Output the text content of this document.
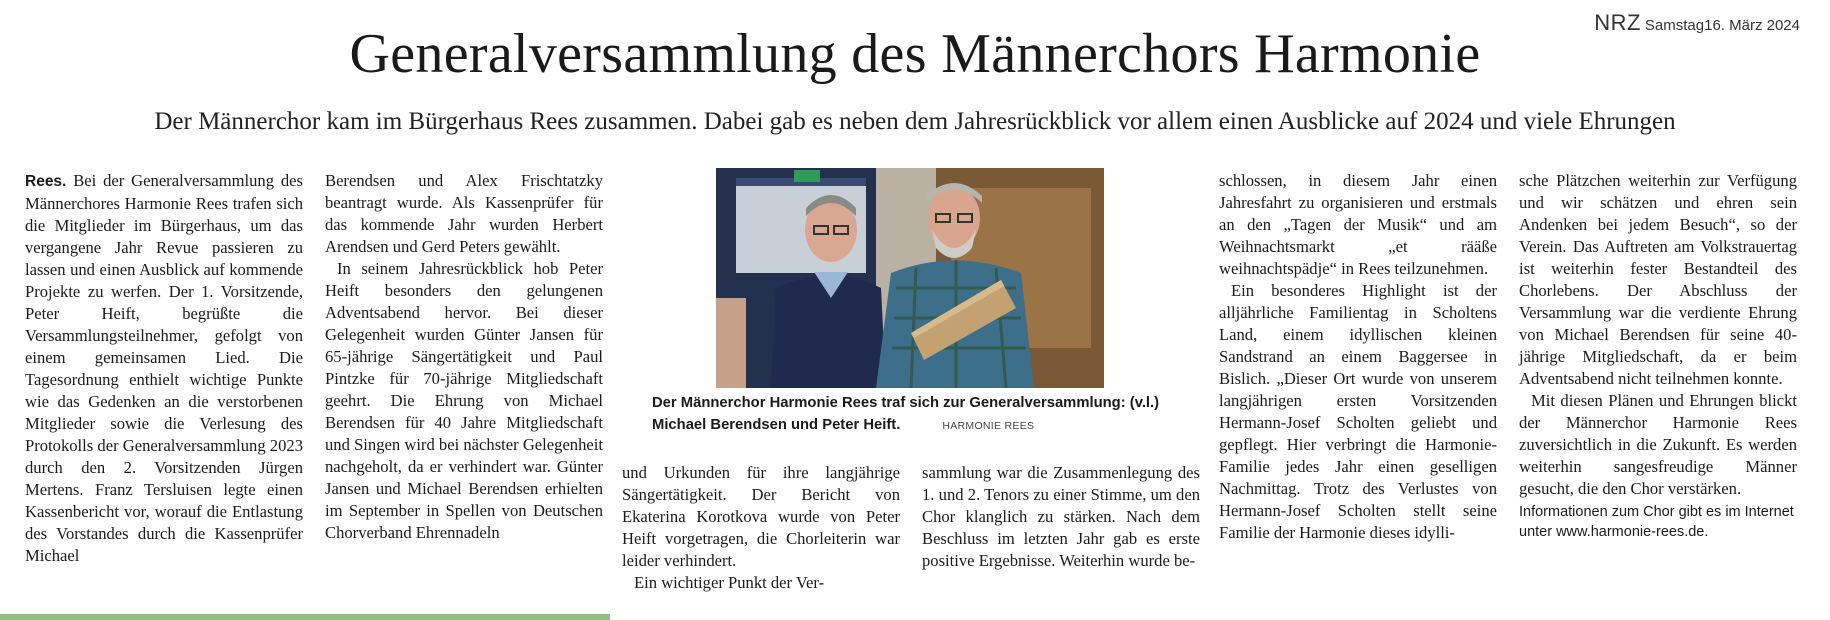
NRZ Samstag16. März 2024
Generalversammlung des Männerchors Harmonie
Der Männerchor kam im Bürgerhaus Rees zusammen. Dabei gab es neben dem Jahresrückblick vor allem einen Ausblicke auf 2024 und viele Ehrungen

Rees. Bei der Generalversammlung des Männerchores Harmonie Rees trafen sich die Mitglieder im Bürgerhaus, um das vergangene Jahr Revue passieren zu lassen und einen Ausblick auf kommende Projekte zu werfen. Der 1. Vorsitzende, Peter Heift, begrüßte die Versammlungsteilnehmer, gefolgt von einem gemeinsamen Lied. Die Tagesordnung enthielt wichtige Punkte wie das Gedenken an die verstorbenen Mitglieder sowie die Verlesung des Protokolls der Generalversammlung 2023 durch den 2. Vorsitzenden Jürgen Mertens. Franz Tersluisen legte einen Kassenbericht vor, worauf die Entlastung des Vorstandes durch die Kassenprüfer Michael

Berendsen und Alex Frischtatzky beantragt wurde. Als Kassenprüfer für das kommende Jahr wurden Herbert Arendsen und Gerd Peters gewählt.

In seinem Jahresrückblick hob Peter Heift besonders den gelungenen Adventsabend hervor. Bei dieser Gelegenheit wurden Günter Jansen für 65-jährige Sängertätigkeit und Paul Pintzke für 70-jährige Mitgliedschaft geehrt. Die Ehrung von Michael Berendsen für 40 Jahre Mitgliedschaft und Singen wird bei nächster Gelegenheit nachgeholt, da er verhindert war. Günter Jansen und Michael Berendsen erhielten im September in Spellen von Deutschen Chorverband Ehrennadeln

Der Männerchor Harmonie Rees traf sich zur Generalversammlung: (v.l.) Michael Berendsen und Peter Heift.	HARMONIE REES

und Urkunden für ihre langjährige Sängertätigkeit. Der Bericht von Ekaterina Korotkova wurde von Peter Heift vorgetragen, die Chorleiterin war leider verhindert.

Ein wichtiger Punkt der Ver-

sammlung war die Zusammenlegung des 1. und 2. Tenors zu einer Stimme, um den Chor klanglich zu stärken. Nach dem Beschluss im letzten Jahr gab es erste positive Ergebnisse. Weiterhin wurde be-

schlossen, in diesem Jahr einen Jahresfahrt zu organisieren und erstmals an den „Tagen der Musik“ und am Weihnachtsmarkt „et rääße weihnachtspädje“ in Rees teilzunehmen.

Ein besonderes Highlight ist der alljährliche Familientag in Scholtens Land, einem idyllischen kleinen Sandstrand an einem Baggersee in Bislich. „Dieser Ort wurde von unserem langjährigen ersten Vorsitzenden Hermann-Josef Scholten geliebt und gepflegt. Hier verbringt die Harmonie-Familie jedes Jahr einen geselligen Nachmittag. Trotz des Verlustes von Hermann-Josef Scholten stellt seine Familie der Harmonie dieses idylli-

sche Plätzchen weiterhin zur Verfügung und wir schätzen und ehren sein Andenken bei jedem Besuch“, so der Verein. Das Auftreten am Volkstrauertag ist weiterhin fester Bestandteil des Chorlebens. Der Abschluss der Versammlung war die verdiente Ehrung von Michael Berendsen für seine 40-jährige Mitgliedschaft, da er beim Adventsabend nicht teilnehmen konnte.

Mit diesen Plänen und Ehrungen blickt der Männerchor Harmonie Rees zuversichtlich in die Zukunft. Es werden weiterhin sangesfreudige Männer gesucht, die den Chor verstärken.

Informationen zum Chor gibt es im Internet unter www.harmonie-rees.de.
